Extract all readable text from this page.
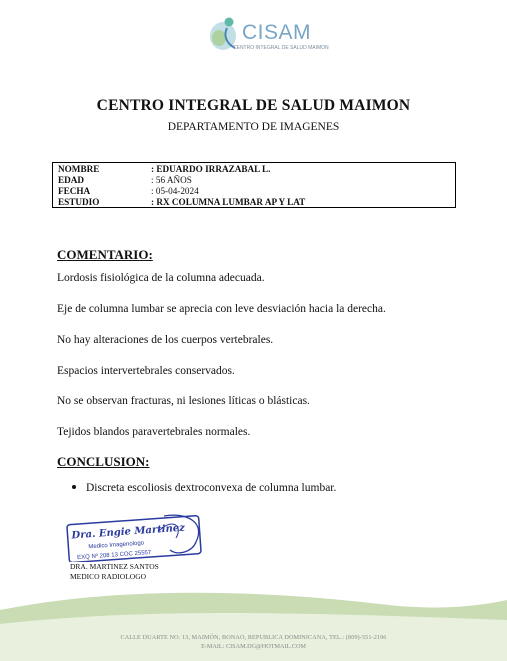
CISAM
CENTRO INTEGRAL DE SALUD MAIMON
CENTRO INTEGRAL DE SALUD MAIMON
DEPARTAMENTO DE IMAGENES
NOMBRE	: EDUARDO IRRAZABAL L.
EDAD	: 56 AÑOS
FECHA	: 05-04-2024
ESTUDIO	: RX COLUMNA LUMBAR AP Y LAT
COMENTARIO:
Lordosis fisiológica de la columna adecuada.
Eje de columna lumbar se aprecia con leve desviación hacia la derecha.
No hay alteraciones de los cuerpos vertebrales.
Espacios intervertebrales conservados.
No se observan fracturas, ni lesiones líticas o blásticas.
Tejidos blandos paravertebrales normales.
CONCLUSION:
Discreta escoliosis dextroconvexa de columna lumbar.
Dra. Engie Martinez
Medico Imagenologo
EXQ Nº 208 13 COC 25557
DRA. MARTINEZ SANTOS
MEDICO RADIOLOGO
CALLE DUARTE NO. 13, MAIMÓN, BONAO, REPUBLICA DOMINICANA, TEL.: (809)-551-2196
E-MAIL: CISAM.DG@HOTMAIL.COM
